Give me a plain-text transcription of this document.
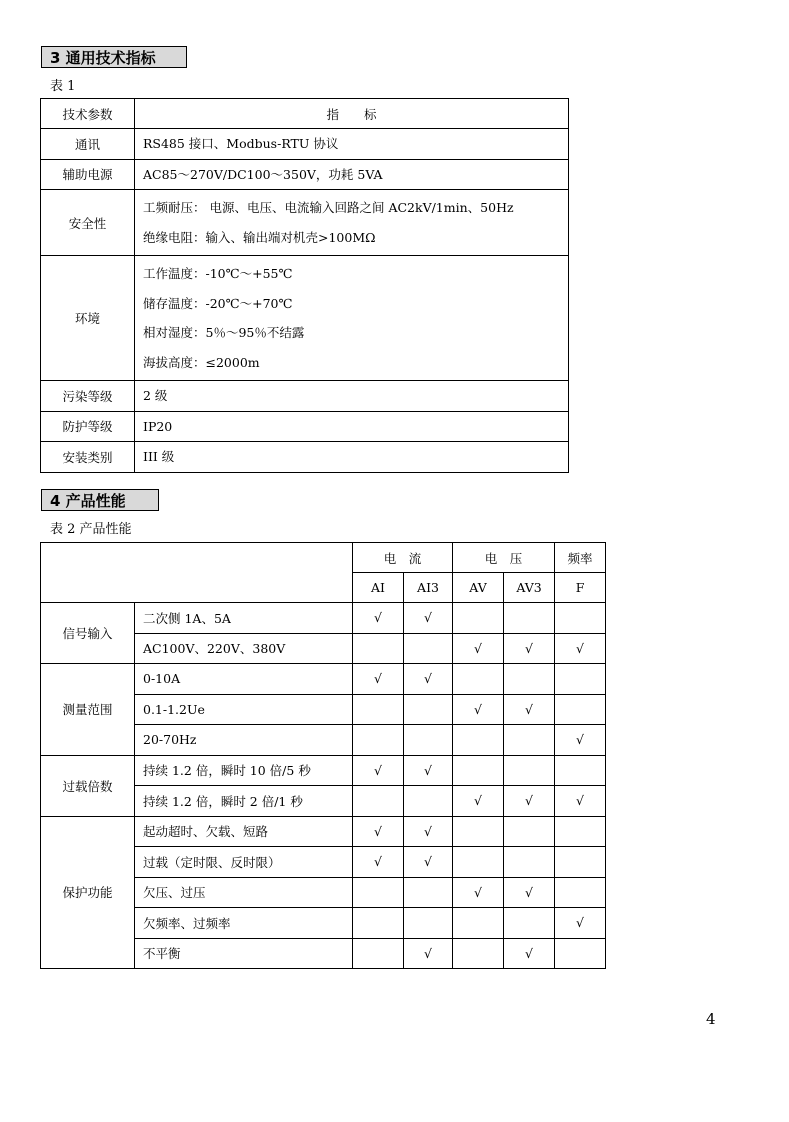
3 通用技术指标
表 1
技术参数	指　　标
通讯	RS485 接口、Modbus-RTU 协议

辅助电源	AC85～270V/DC100～350V，功耗 5VA

安全性	工频耐压： 电源、电压、电流输入回路之间 AC2kV/1min、50Hz
绝缘电阻：输入、输出端对机壳>100MΩ

环境	工作温度：-10℃～+55℃
储存温度：-20℃～+70℃
相对湿度：5％～95％不结露
海拔高度：≤2000m

污染等级	2 级

防护等级	IP20

安装类别	III 级
4 产品性能
表 2 产品性能
		电　流		电　压		频率
		AI	AI3	AV	AV3	F
信号输入	二次侧 1A、5A	√	√			
	AC100V、220V、380V			√	√	√
测量范围	0-10A	√	√			
	0.1-1.2Ue			√	√	
	20-70Hz					√
过载倍数	持续 1.2 倍，瞬时 10 倍/5 秒	√	√			
	持续 1.2 倍，瞬时 2 倍/1 秒			√	√	√
保护功能	起动超时、欠载、短路	√	√			
	过载（定时限、反时限）	√	√			
	欠压、过压			√	√	
	欠频率、过频率					√
	不平衡		√		√	
4
